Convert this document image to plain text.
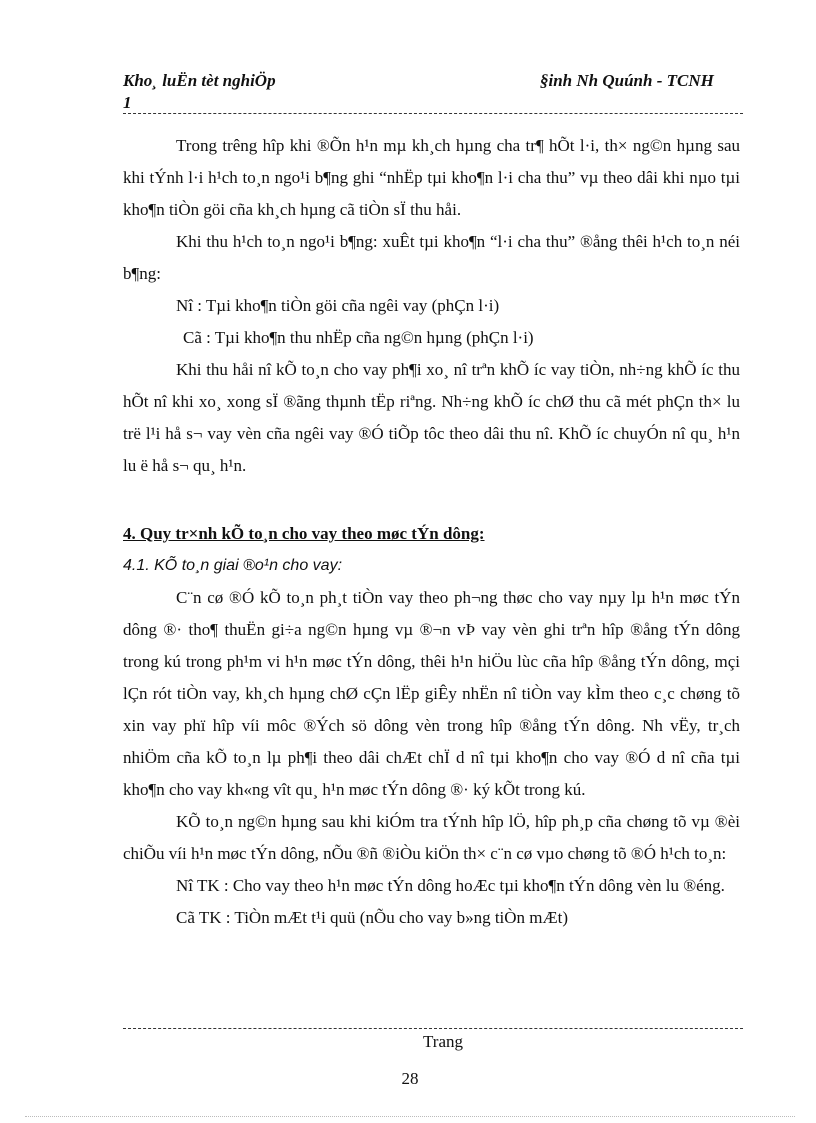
Kho¸ luËn tèt nghiÖp
1
§inh Nh Quúnh - TCNH

Trong trêng hîp khi ®Õn h¹n mµ kh¸ch hµng cha tr¶ hÕt l·i, th× ng©n hµng sau khi tÝnh l·i h¹ch to¸n ngo¹i b¶ng ghi “nhËp tµi kho¶n l·i cha thu” vµ theo dâi khi nµo tµi kho¶n tiÒn göi cña kh¸ch hµng cã tiÒn sÏ thu håi.

Khi thu h¹ch to¸n ngo¹i b¶ng: xuÊt tµi kho¶n “l·i cha thu” ®ång thêi h¹ch to¸n néi b¶ng:

Nî : Tµi kho¶n tiÒn göi cña ngêi vay (phÇn l·i)

Cã : Tµi kho¶n thu nhËp cña ng©n hµng (phÇn l·i)

Khi thu håi nî kÕ to¸n cho vay ph¶i xo¸ nî trªn khÕ íc vay tiÒn, nh÷ng khÕ íc thu hÕt nî khi xo¸ xong sÏ ®ãng thµnh tËp riªng. Nh÷ng khÕ íc chØ thu cã mét phÇn th× lu trë l¹i hå s¬ vay vèn cña ngêi vay ®Ó tiÕp tôc theo dâi thu nî. KhÕ íc chuyÓn nî qu¸ h¹n lu ë hå s¬ qu¸ h¹n.

4. Quy tr×nh kÕ to¸n cho vay theo møc tÝn dông:

4.1. KÕ to¸n giai ®o¹n cho vay:

C¨n cø ®Ó kÕ to¸n ph¸t tiÒn vay theo ph¬ng thøc cho vay nµy lµ h¹n møc tÝn dông ®· tho¶ thuËn gi÷a ng©n hµng vµ ®¬n vÞ vay vèn ghi trªn hîp ®ång tÝn dông trong kú trong ph¹m vi h¹n møc tÝn dông, thêi h¹n hiÖu lùc cña hîp ®ång tÝn dông, mçi lÇn rót tiÒn vay, kh¸ch hµng chØ cÇn lËp giÊy nhËn nî tiÒn vay kÌm theo c¸c chøng tõ xin vay phï hîp víi môc ®Ých sö dông vèn trong hîp ®ång tÝn dông. Nh vËy, tr¸ch nhiÖm cña kÕ to¸n lµ ph¶i theo dâi chÆt chÏ d nî tµi kho¶n cho vay ®Ó d nî cña tµi kho¶n cho vay kh«ng vît qu¸ h¹n møc tÝn dông ®· ký kÕt trong kú.

KÕ to¸n ng©n hµng sau khi kiÓm tra tÝnh hîp lÖ, hîp ph¸p cña chøng tõ vµ ®èi chiÕu víi h¹n møc tÝn dông, nÕu ®ñ ®iÒu kiÖn th× c¨n cø vµo chøng tõ ®Ó h¹ch to¸n:

Nî TK : Cho vay theo h¹n møc tÝn dông hoÆc tµi kho¶n tÝn dông vèn lu ®éng.

Cã TK : TiÒn mÆt t¹i quü (nÕu cho vay b»ng tiÒn mÆt)

Trang
28
